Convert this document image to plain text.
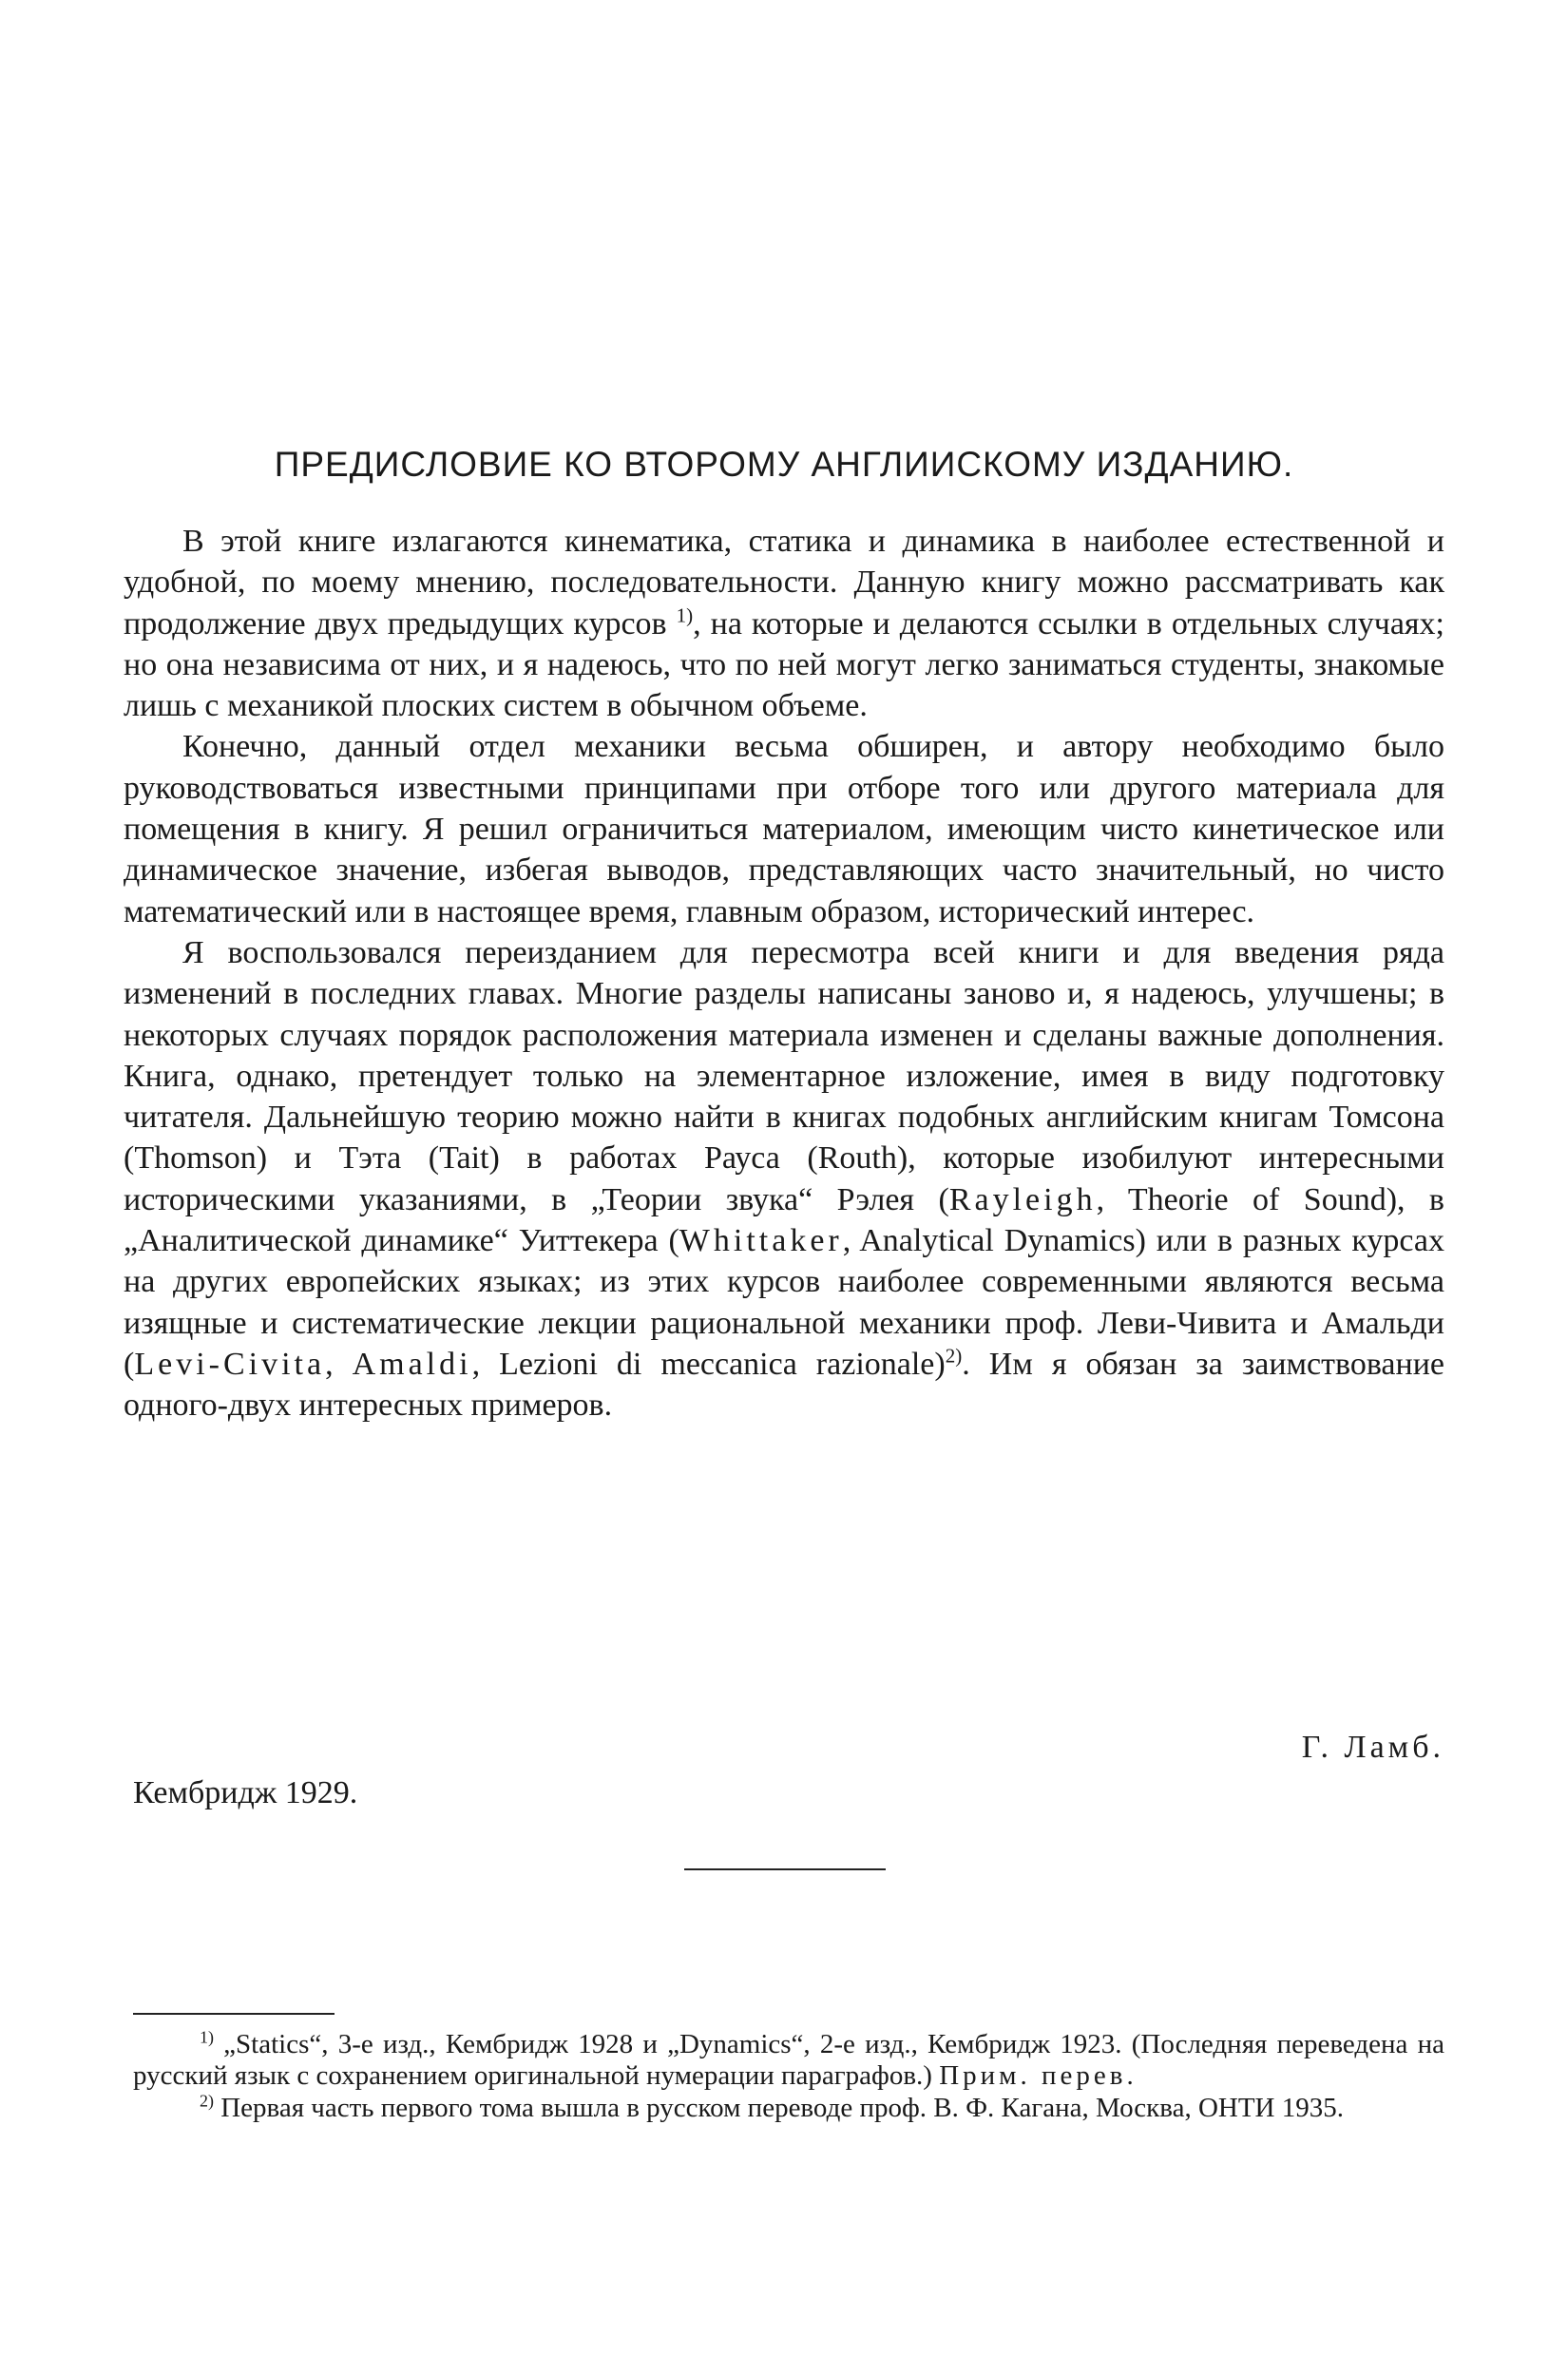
ПРЕДИСЛОВИЕ КО ВТОРОМУ АНГЛИИСКОМУ ИЗДАНИЮ.

В этой книге излагаются кинематика, статика и динамика в наиболее естественной и удобной, по моему мнению, последовательности. Данную книгу можно рассматривать как продолжение двух предыдущих курсов $^{1)}$, на которые и делаются ссылки в отдельных случаях; но она независима от них, и я надеюсь, что по ней могут легко заниматься студенты, знакомые лишь с механикой плоских систем в обычном объеме.

Конечно, данный отдел механики весьма обширен, и автору необходимо было руководствоваться известными принципами при отборе того или другого материала для помещения в книгу. Я решил ограничиться материалом, имеющим чисто кинетическое или динамическое значение, избегая выводов, представляющих часто значительный, но чисто математический или в настоящее время, главным образом, исторический интерес.

Я воспользовался переизданием для пересмотра всей книги и для введения ряда изменений в последних главах. Многие разделы написаны заново и, я надеюсь, улучшены; в некоторых случаях порядок расположения материала изменен и сделаны важные дополнения. Книга, однако, претендует только на элементарное изложение, имея в виду подготовку читателя. Дальнейшую теорию можно найти в книгах подобных английским книгам Томсона (Thomson) и Тэта (Tait) в работах Рауса (Routh), которые изобилуют интересными историческими указаниями, в „Теории звука“ Рэлея (Rayleigh, Theorie of Sound), в „Аналитической динамике“ Уиттекера (Whittaker, Analytical Dynamics) или в разных курсах на других европейских языках; из этих курсов наиболее современными являются весьма изящные и систематические лекции рациональной механики проф. Леви-Чивита и Амальди (Levi-Civita, Amaldi, Lezioni di meccanica razionale)$^{2)}$. Им я обязан за заимствование одного-двух интересных примеров.

Г. Ламб.

Кембридж 1929.

$^{1)}$ „Statics“, 3-е изд., Кембридж 1928 и „Dynamics“, 2-е изд., Кембридж 1923. (Последняя переведена на русский язык с сохранением оригинальной нумерации параграфов.) Прим. перев.

$^{2)}$ Первая часть первого тома вышла в русском переводе проф. В. Ф. Кагана, Москва, ОНТИ 1935.
